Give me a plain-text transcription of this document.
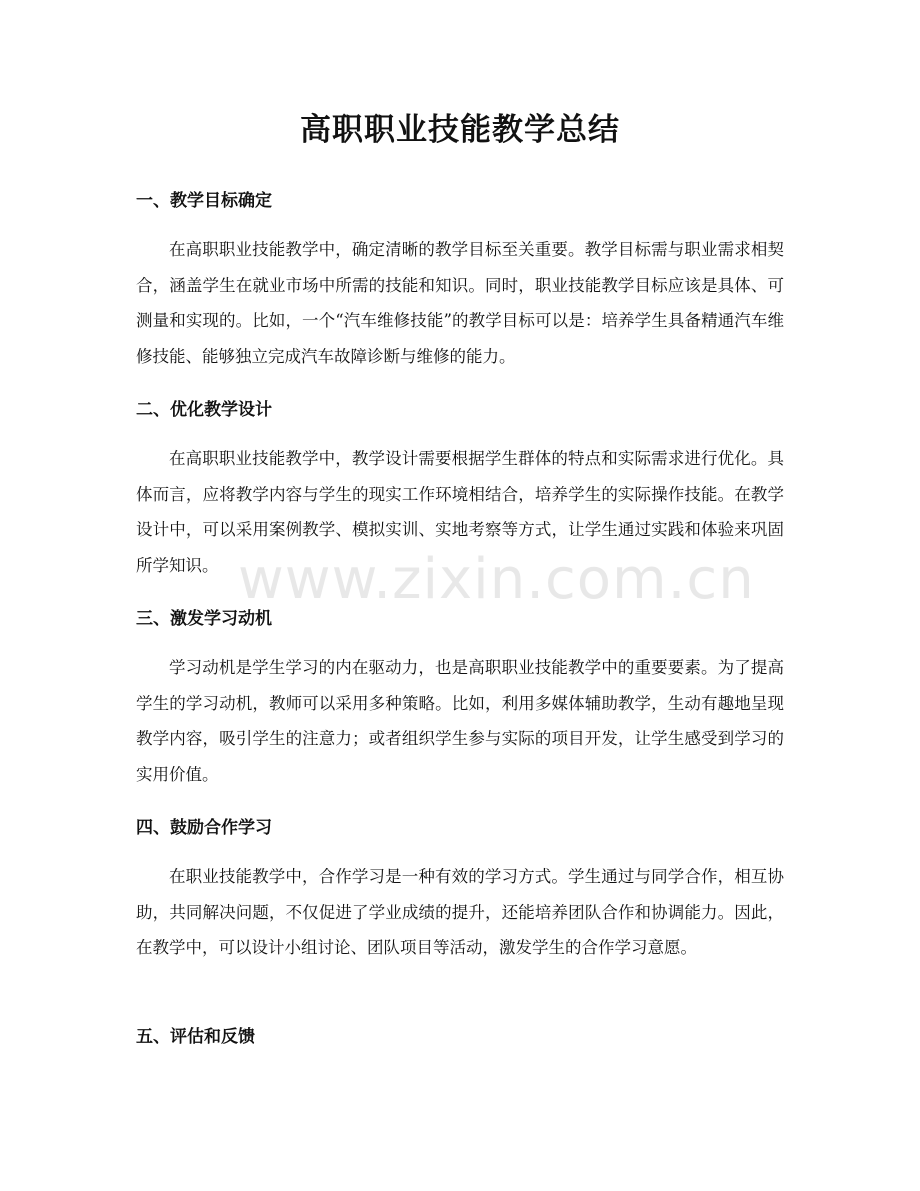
高职职业技能教学总结
一、教学目标确定
在高职职业技能教学中，确定清晰的教学目标至关重要。教学目标需与职业需求相契合，涵盖学生在就业市场中所需的技能和知识。同时，职业技能教学目标应该是具体、可测量和实现的。比如，一个“汽车维修技能”的教学目标可以是：培养学生具备精通汽车维修技能、能够独立完成汽车故障诊断与维修的能力。
二、优化教学设计
在高职职业技能教学中，教学设计需要根据学生群体的特点和实际需求进行优化。具体而言，应将教学内容与学生的现实工作环境相结合，培养学生的实际操作技能。在教学设计中，可以采用案例教学、模拟实训、实地考察等方式，让学生通过实践和体验来巩固所学知识。
三、激发学习动机
学习动机是学生学习的内在驱动力，也是高职职业技能教学中的重要要素。为了提高学生的学习动机，教师可以采用多种策略。比如，利用多媒体辅助教学，生动有趣地呈现教学内容，吸引学生的注意力；或者组织学生参与实际的项目开发，让学生感受到学习的实用价值。
四、鼓励合作学习
在职业技能教学中，合作学习是一种有效的学习方式。学生通过与同学合作，相互协助，共同解决问题，不仅促进了学业成绩的提升，还能培养团队合作和协调能力。因此，在教学中，可以设计小组讨论、团队项目等活动，激发学生的合作学习意愿。
五、评估和反馈
www.zixin.com.cn
